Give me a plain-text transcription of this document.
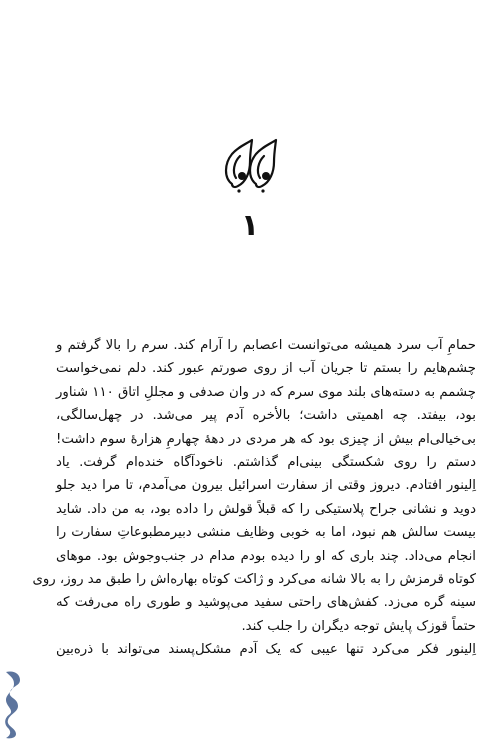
۱
حمامِ آب سرد همیشه می‌توانست اعصابم را آرام کند. سرم را بالا گرفتم و
چشم‌هایم را بستم تا جریان آب از روی صورتم عبور کند. دلم نمی‌خواست
چشمم به دسته‌های بلند موی سرم که در وان صدفی و مجللِ اتاق ۱۱۰ شناور
بود، بیفتد. چه اهمیتی داشت؛ بالأخره آدم پیر می‌شد. در چهل‌سالگی،
بی‌خیالی‌ام بیش از چیزی بود که هر مردی در دههٔ چهارمِ هزارهٔ سوم داشت!
دستم را روی شکستگی بینی‌ام گذاشتم. ناخودآگاه خنده‌ام گرفت. یاد
اِلینور افتادم. دیروز وقتی از سفارت اسرائیل بیرون می‌آمدم، تا مرا دید جلو
دوید و نشانی جراح پلاستیکی را که قبلاً قولش را داده بود، به من داد. شاید
بیست سالش هم نبود، اما به خوبی وظایف منشی دبیرمطبوعاتِ سفارت را
انجام می‌داد. چند باری که او را دیده بودم مدام در جنب‌وجوش بود. موهای
کوتاه قرمزش را به بالا شانه می‌کرد و ژاکت کوتاه بهاره‌اش را طبق مد روز، روی
سینه گره می‌زد. کفش‌های راحتی سفید می‌پوشید و طوری راه می‌رفت که
حتماً قوزک پایش توجه دیگران را جلب کند.
اِلینور فکر می‌کرد تنها عیبی که یک آدم مشکل‌پسند می‌تواند با ذره‌بین
